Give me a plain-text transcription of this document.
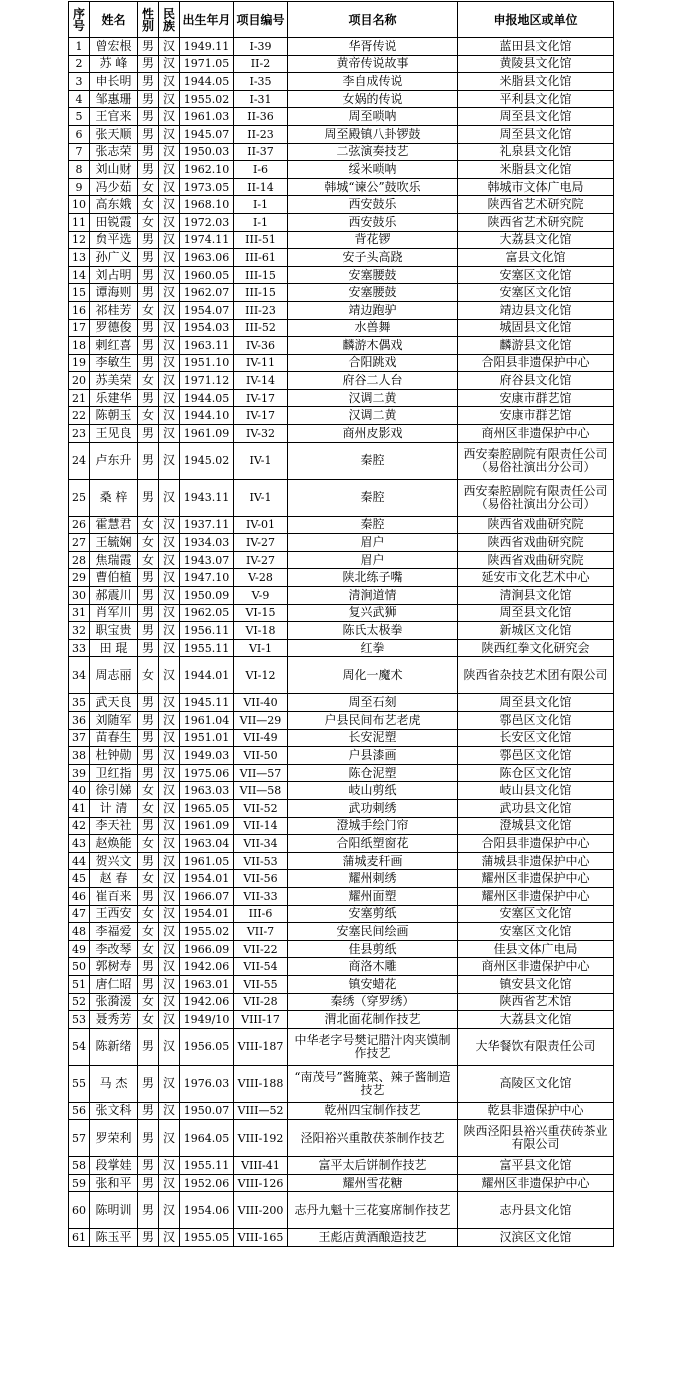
序号	姓名	性别	民族	出生年月	项目编号	项目名称	申报地区或单位
1	曾宏根	男	汉	1949.11	I-39	华胥传说	蓝田县文化馆
2	苏 峰	男	汉	1971.05	II-2	黄帝传说故事	黄陵县文化馆
3	申长明	男	汉	1944.05	I-35	李自成传说	米脂县文化馆
4	邹惠珊	男	汉	1955.02	I-31	女娲的传说	平利县文化馆
5	王官来	男	汉	1961.03	II-36	周至唢呐	周至县文化馆
6	张天顺	男	汉	1945.07	II-23	周至殿镇八卦锣鼓	周至县文化馆
7	张志荣	男	汉	1950.03	II-37	二弦演奏技艺	礼泉县文化馆
8	刘山财	男	汉	1962.10	I-6	绥米唢呐	米脂县文化馆
9	冯少茹	女	汉	1973.05	II-14	韩城“谏公”鼓吹乐	韩城市文体广电局
10	高东娥	女	汉	1968.10	I-1	西安鼓乐	陕西省艺术研究院
11	田锐霞	女	汉	1972.03	I-1	西安鼓乐	陕西省艺术研究院
12	贠平选	男	汉	1974.11	III-51	背花锣	大荔县文化馆
13	孙广义	男	汉	1963.06	III-61	安子头高跷	富县文化馆
14	刘占明	男	汉	1960.05	III-15	安塞腰鼓	安塞区文化馆
15	谭海则	男	汉	1962.07	III-15	安塞腰鼓	安塞区文化馆
16	祁桂芳	女	汉	1954.07	III-23	靖边跑驴	靖边县文化馆
17	罗德俊	男	汉	1954.03	III-52	水兽舞	城固县文化馆
18	剌红喜	男	汉	1963.11	IV-36	麟游木偶戏	麟游县文化馆
19	李敏生	男	汉	1951.10	IV-11	合阳跳戏	合阳县非遗保护中心
20	苏美荣	女	汉	1971.12	IV-14	府谷二人台	府谷县文化馆
21	乐建华	男	汉	1944.05	IV-17	汉调二黄	安康市群艺馆
22	陈朝玉	女	汉	1944.10	IV-17	汉调二黄	安康市群艺馆
23	王见良	男	汉	1961.09	IV-32	商州皮影戏	商州区非遗保护中心
24	卢东升	男	汉	1945.02	IV-1	秦腔	西安秦腔剧院有限责任公司（易俗社演出分公司）
25	桑 梓	男	汉	1943.11	IV-1	秦腔	西安秦腔剧院有限责任公司（易俗社演出分公司）
26	霍慧君	女	汉	1937.11	IV-01	秦腔	陕西省戏曲研究院
27	王毓娴	女	汉	1934.03	IV-27	眉户	陕西省戏曲研究院
28	焦瑞霞	女	汉	1943.07	IV-27	眉户	陕西省戏曲研究院
29	曹伯植	男	汉	1947.10	V-28	陕北练子嘴	延安市文化艺术中心
30	郝震川	男	汉	1950.09	V-9	清涧道情	清涧县文化馆
31	肖军川	男	汉	1962.05	VI-15	复兴武狮	周至县文化馆
32	职宝贵	男	汉	1956.11	VI-18	陈氏太极拳	新城区文化馆
33	田 琨	男	汉	1955.11	VI-1	红拳	陕西红拳文化研究会
34	周志丽	女	汉	1944.01	VI-12	周化一魔术	陕西省杂技艺术团有限公司
35	武天良	男	汉	1945.11	VII-40	周至石刻	周至县文化馆
36	刘随军	男	汉	1961.04	VII—29	户县民间布艺老虎	鄠邑区文化馆
37	苗春生	男	汉	1951.01	VII-49	长安泥塑	长安区文化馆
38	杜钟勋	男	汉	1949.03	VII-50	户县漆画	鄠邑区文化馆
39	卫红指	男	汉	1975.06	VII—57	陈仓泥塑	陈仓区文化馆
40	徐引娣	女	汉	1963.03	VII—58	岐山剪纸	岐山县文化馆
41	计 清	女	汉	1965.05	VII-52	武功刺绣	武功县文化馆
42	李天社	男	汉	1961.09	VII-14	澄城手绘门帘	澄城县文化馆
43	赵焕能	女	汉	1963.04	VII-34	合阳纸塑窗花	合阳县非遗保护中心
44	贺兴文	男	汉	1961.05	VII-53	蒲城麦秆画	蒲城县非遗保护中心
45	赵 春	女	汉	1954.01	VII-56	耀州刺绣	耀州区非遗保护中心
46	崔百来	男	汉	1966.07	VII-33	耀州面塑	耀州区非遗保护中心
47	王西安	女	汉	1954.01	III-6	安塞剪纸	安塞区文化馆
48	李福爱	女	汉	1955.02	VII-7	安塞民间绘画	安塞区文化馆
49	李改琴	女	汉	1966.09	VII-22	佳县剪纸	佳县文体广电局
50	郭树寿	男	汉	1942.06	VII-54	商洛木雕	商州区非遗保护中心
51	唐仁昭	男	汉	1963.01	VII-55	镇安蜡花	镇安县文化馆
52	张漪湲	女	汉	1942.06	VII-28	秦绣（穿罗绣）	陕西省艺术馆
53	聂秀芳	女	汉	1949/10	VIII-17	渭北面花制作技艺	大荔县文化馆
54	陈新绪	男	汉	1956.05	VIII-187	中华老字号樊记腊汁肉夹馍制作技艺	大华餐饮有限责任公司
55	马 杰	男	汉	1976.03	VIII-188	“南茂号”酱腌菜、辣子酱制造技艺	高陵区文化馆
56	张文科	男	汉	1950.07	VIII—52	乾州四宝制作技艺	乾县非遗保护中心
57	罗荣利	男	汉	1964.05	VIII-192	泾阳裕兴重散茯茶制作技艺	陕西泾阳县裕兴重茯砖茶业有限公司
58	段掌娃	男	汉	1955.11	VIII-41	富平太后饼制作技艺	富平县文化馆
59	张和平	男	汉	1952.06	VIII-126	耀州雪花糖	耀州区非遗保护中心
60	陈明训	男	汉	1954.06	VIII-200	志丹九魁十三花宴席制作技艺	志丹县文化馆
61	陈玉平	男	汉	1955.05	VIII-165	王彪店黄酒酿造技艺	汉滨区文化馆
